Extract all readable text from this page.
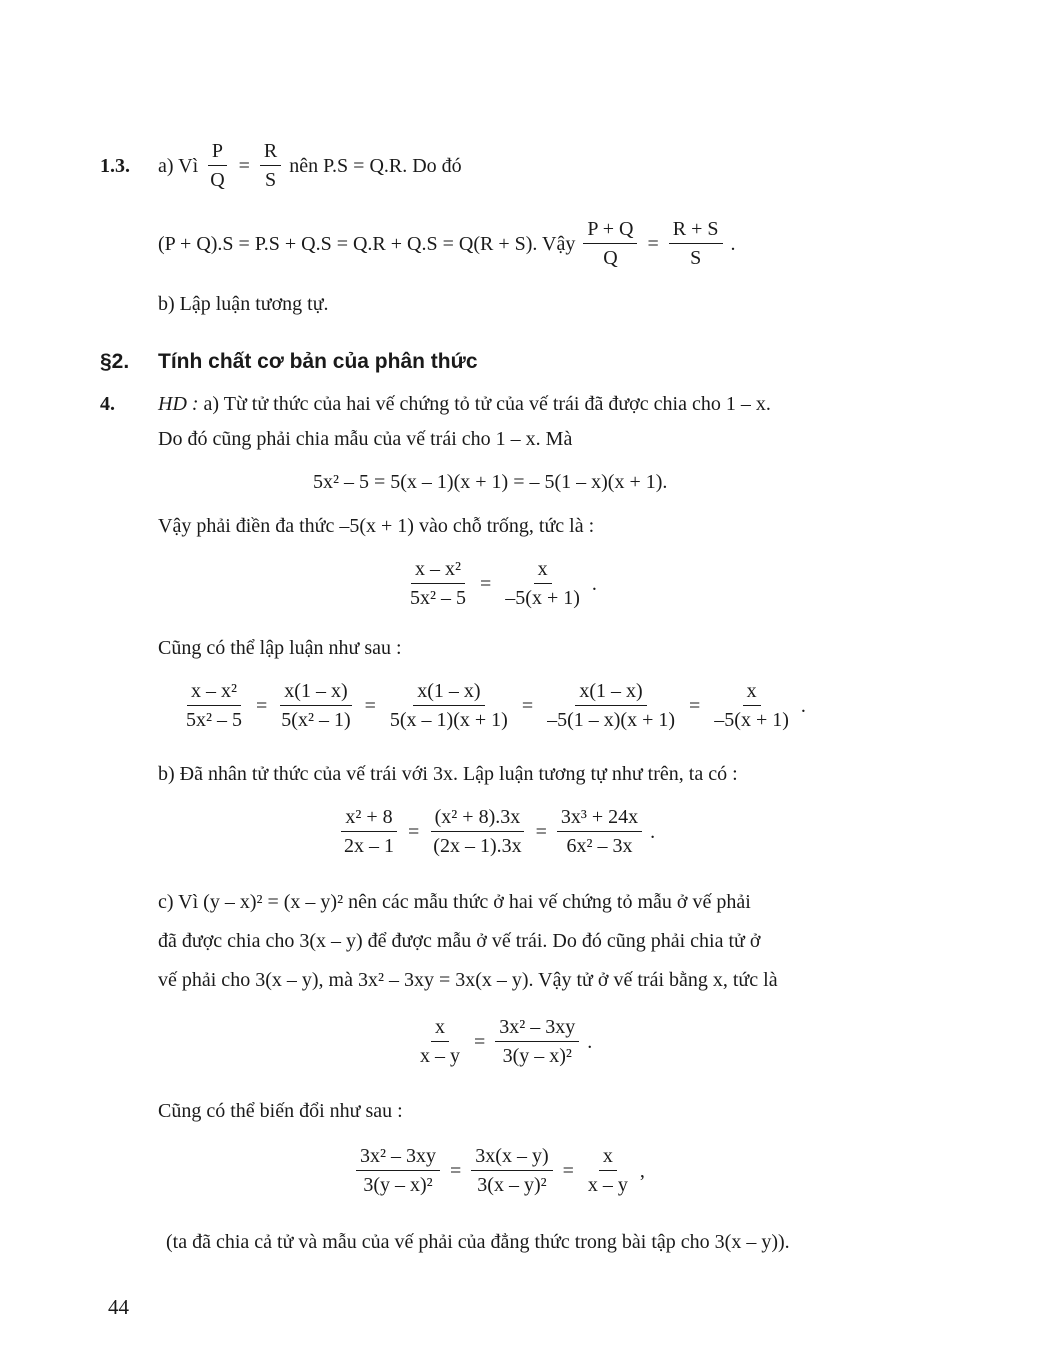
1.3. a) Vì $\frac{P}{Q} = \frac{R}{S}$ nên P.S = Q.R. Do đó
(P + Q).S = P.S + Q.S = Q.R + Q.S = Q(R + S). Vậy $\frac{P + Q}{Q} = \frac{R + S}{S}$ .
b) Lập luận tương tự.
§2. Tính chất cơ bản của phân thức
4. HD : a) Từ tử thức của hai vế chứng tỏ tử của vế trái đã được chia cho 1 – x.
Do đó cũng phải chia mẫu của vế trái cho 1 – x. Mà
5x² – 5 = 5(x – 1)(x + 1) = – 5(1 – x)(x + 1).
Vậy phải điền đa thức –5(x + 1) vào chỗ trống, tức là :
$\frac{\text{x – x²}}{\text{5x² – 5}} = \frac{x}{-5(x + 1)}$ .
Cũng có thể lập luận như sau :
$\frac{\text{x – x²}}{\text{5x² – 5}} = \frac{x(1 - x)}{\text{5(x² – 1)}} = \frac{x(1 - x)}{5(x - 1)(x + 1)} = \frac{x(1 - x)}{-5(1 - x)(x + 1)} = \frac{x}{-5(x + 1)}$ .
b) Đã nhân tử thức của vế trái với 3x. Lập luận tương tự như trên, ta có :
$\frac{\text{x² + 8}}{2x - 1} = \frac{\text{(x² + 8).3x}}{(2x - 1).3x} = \frac{\text{3x³ + 24x}}{\text{6x² – 3x}}$ .
c) Vì (y – x)² = (x – y)² nên các mẫu thức ở hai vế chứng tỏ mẫu ở vế phải
đã được chia cho 3(x – y) để được mẫu ở vế trái. Do đó cũng phải chia tử ở
vế phải cho 3(x – y), mà 3x² – 3xy = 3x(x – y). Vậy tử ở vế trái bằng x, tức là
$\frac{x}{x - y} = \frac{\text{3x² – 3xy}}{\text{3(y – x)²}}$ .
Cũng có thể biến đổi như sau :
$\frac{\text{3x² – 3xy}}{\text{3(y – x)²}} = \frac{3x(x - y)}{\text{3(x – y)²}} = \frac{x}{x - y}$ ,
(ta đã chia cả tử và mẫu của vế phải của đẳng thức trong bài tập cho 3(x – y)).
44
